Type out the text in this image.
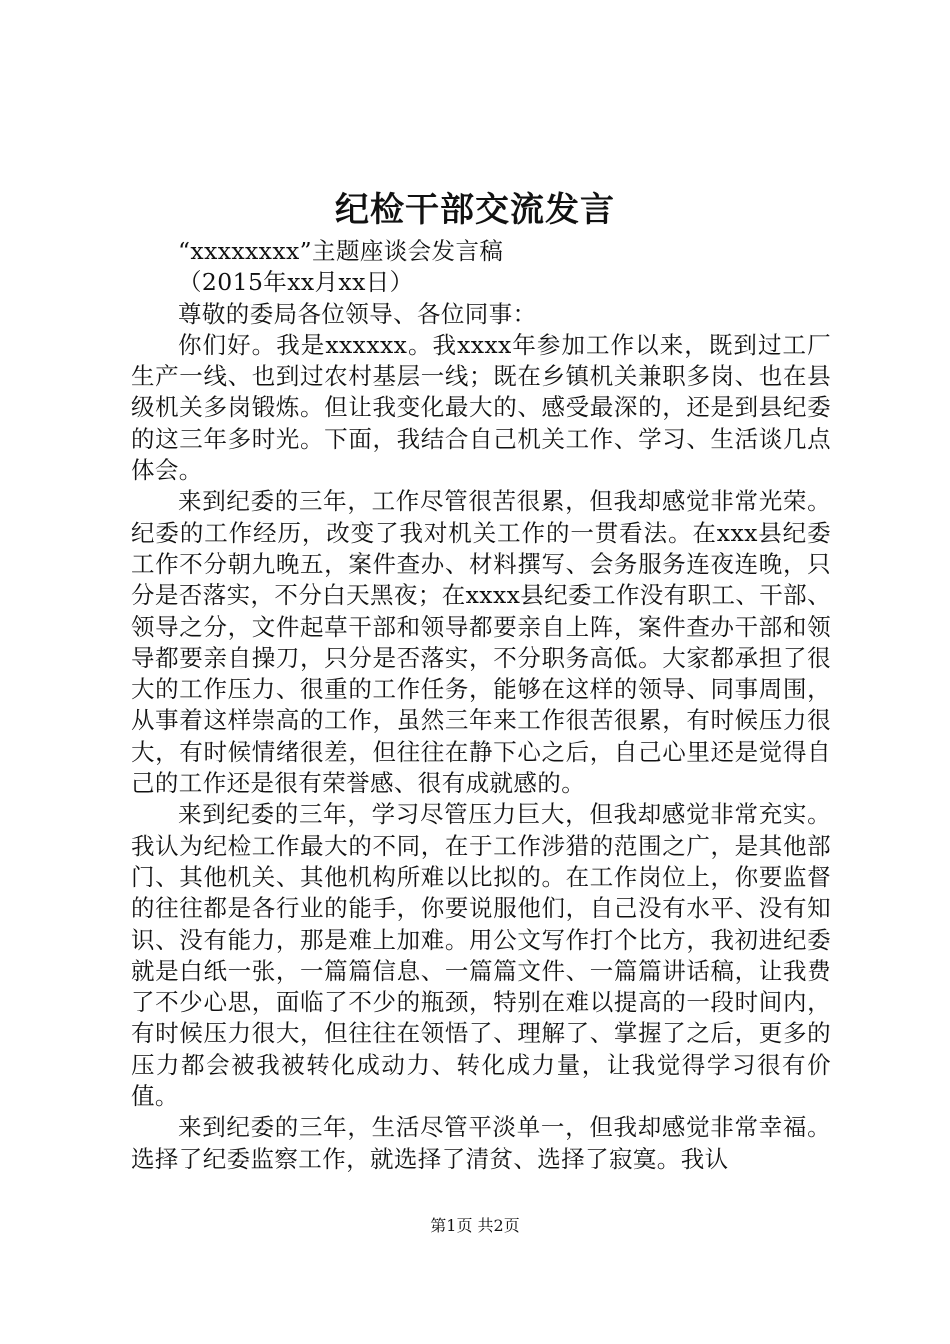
纪检干部交流发言

“xxxxxxxx”主题座谈会发言稿

（2015年xx月xx日）

尊敬的委局各位领导、各位同事：

你们好。我是xxxxxx。我xxxx年参加工作以来，既到过工厂生产一线、也到过农村基层一线；既在乡镇机关兼职多岗、也在县级机关多岗锻炼。但让我变化最大的、感受最深的，还是到县纪委的这三年多时光。下面，我结合自己机关工作、学习、生活谈几点体会。

来到纪委的三年，工作尽管很苦很累，但我却感觉非常光荣。纪委的工作经历，改变了我对机关工作的一贯看法。在xxx县纪委工作不分朝九晚五，案件查办、材料撰写、会务服务连夜连晚，只分是否落实，不分白天黑夜；在xxxx县纪委工作没有职工、干部、领导之分，文件起草干部和领导都要亲自上阵，案件查办干部和领导都要亲自操刀，只分是否落实，不分职务高低。大家都承担了很大的工作压力、很重的工作任务，能够在这样的领导、同事周围，从事着这样崇高的工作，虽然三年来工作很苦很累，有时候压力很大，有时候情绪很差，但往往在静下心之后，自己心里还是觉得自己的工作还是很有荣誉感、很有成就感的。

来到纪委的三年，学习尽管压力巨大，但我却感觉非常充实。我认为纪检工作最大的不同，在于工作涉猎的范围之广，是其他部门、其他机关、其他机构所难以比拟的。在工作岗位上，你要监督的往往都是各行业的能手，你要说服他们，自己没有水平、没有知识、没有能力，那是难上加难。用公文写作打个比方，我初进纪委就是白纸一张，一篇篇信息、一篇篇文件、一篇篇讲话稿，让我费了不少心思，面临了不少的瓶颈，特别在难以提高的一段时间内，有时候压力很大，但往往在领悟了、理解了、掌握了之后，更多的压力都会被我被转化成动力、转化成力量，让我觉得学习很有价值。

来到纪委的三年，生活尽管平淡单一，但我却感觉非常幸福。选择了纪委监察工作，就选择了清贫、选择了寂寞。我认

第1页 共2页
